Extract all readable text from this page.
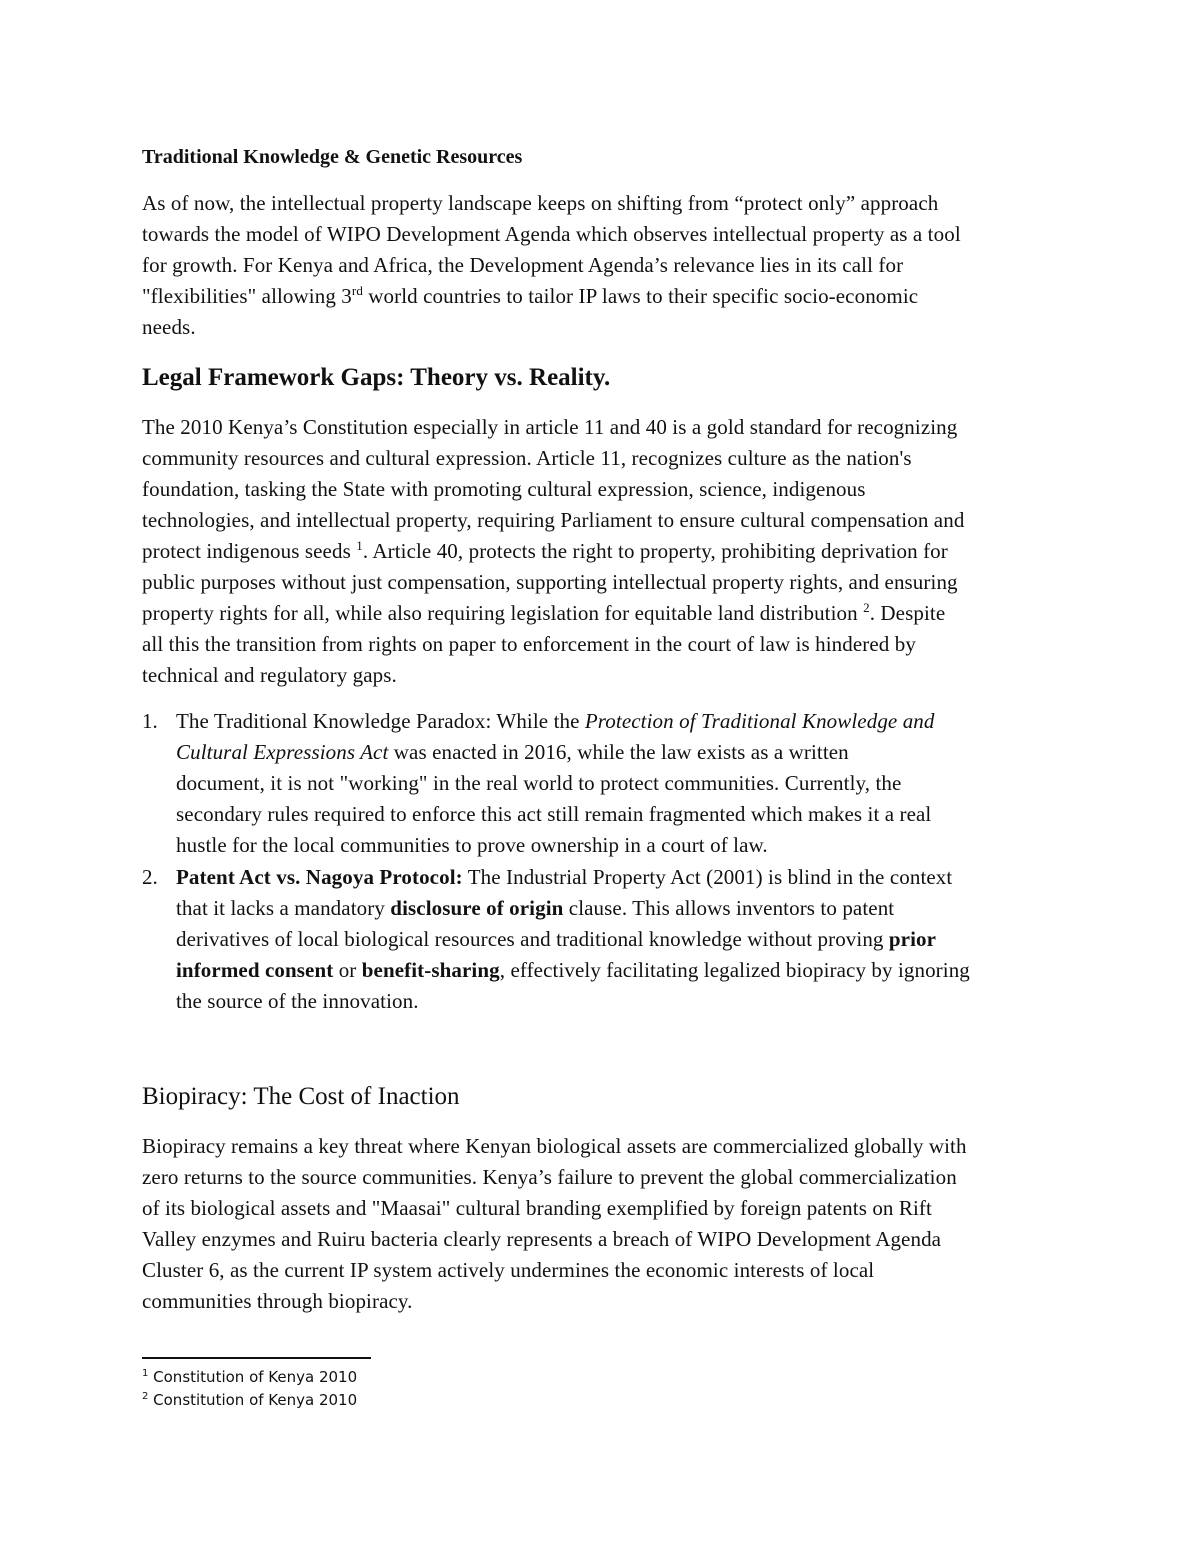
Traditional Knowledge & Genetic Resources
As of now, the intellectual property landscape keeps on shifting from “protect only” approach
towards the model of WIPO Development Agenda which observes intellectual property as a tool
for growth. For Kenya and Africa, the Development Agenda’s relevance lies in its call for
"flexibilities" allowing 3rd world countries to tailor IP laws to their specific socio-economic
needs.
Legal Framework Gaps: Theory vs. Reality.
The 2010 Kenya’s Constitution especially in article 11 and 40 is a gold standard for recognizing
community resources and cultural expression. Article 11, recognizes culture as the nation's
foundation, tasking the State with promoting cultural expression, science, indigenous
technologies, and intellectual property, requiring Parliament to ensure cultural compensation and
protect indigenous seeds $^1$. Article 40, protects the right to property, prohibiting deprivation for
public purposes without just compensation, supporting intellectual property rights, and ensuring
property rights for all, while also requiring legislation for equitable land distribution $^2$. Despite
all this the transition from rights on paper to enforcement in the court of law is hindered by
technical and regulatory gaps.
1. The Traditional Knowledge Paradox: While the Protection of Traditional Knowledge and
Cultural Expressions Act was enacted in 2016, while the law exists as a written
document, it is not "working" in the real world to protect communities. Currently, the
secondary rules required to enforce this act still remain fragmented which makes it a real
hustle for the local communities to prove ownership in a court of law.
2. Patent Act vs. Nagoya Protocol: The Industrial Property Act (2001) is blind in the context
that it lacks a mandatory disclosure of origin clause. This allows inventors to patent
derivatives of local biological resources and traditional knowledge without proving prior
informed consent or benefit-sharing, effectively facilitating legalized biopiracy by ignoring
the source of the innovation.
Biopiracy: The Cost of Inaction
Biopiracy remains a key threat where Kenyan biological assets are commercialized globally with
zero returns to the source communities. Kenya’s failure to prevent the global commercialization
of its biological assets and "Maasai" cultural branding exemplified by foreign patents on Rift
Valley enzymes and Ruiru bacteria clearly represents a breach of WIPO Development Agenda
Cluster 6, as the current IP system actively undermines the economic interests of local
communities through biopiracy.
$^1$ Constitution of Kenya 2010
$^2$ Constitution of Kenya 2010
